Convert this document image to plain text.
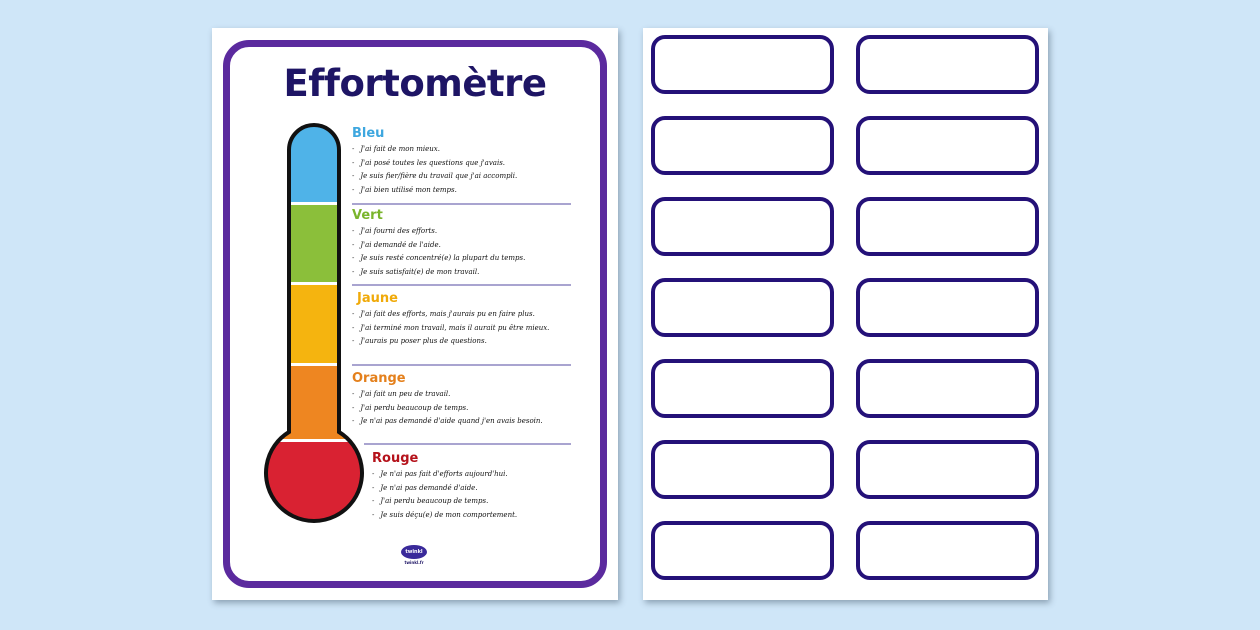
Effortomètre
Bleu
- J'ai fait de mon mieux.
- J'ai posé toutes les questions que j'avais.
- Je suis fier/fière du travail que j'ai accompli.
- J'ai bien utilisé mon temps.
Vert
- J'ai fourni des efforts.
- J'ai demandé de l'aide.
- Je suis resté concentré(e) la plupart du temps.
- Je suis satisfait(e) de mon travail.
Jaune
- J'ai fait des efforts, mais j'aurais pu en faire plus.
- J'ai terminé mon travail, mais il aurait pu être mieux.
- J'aurais pu poser plus de questions.
Orange
- J'ai fait un peu de travail.
- J'ai perdu beaucoup de temps.
- Je n'ai pas demandé d'aide quand j'en avais besoin.
Rouge
- Je n'ai pas fait d'efforts aujourd'hui.
- Je n'ai pas demandé d'aide.
- J'ai perdu beaucoup de temps.
- Je suis déçu(e) de mon comportement.
twinkl
twinkl.fr
